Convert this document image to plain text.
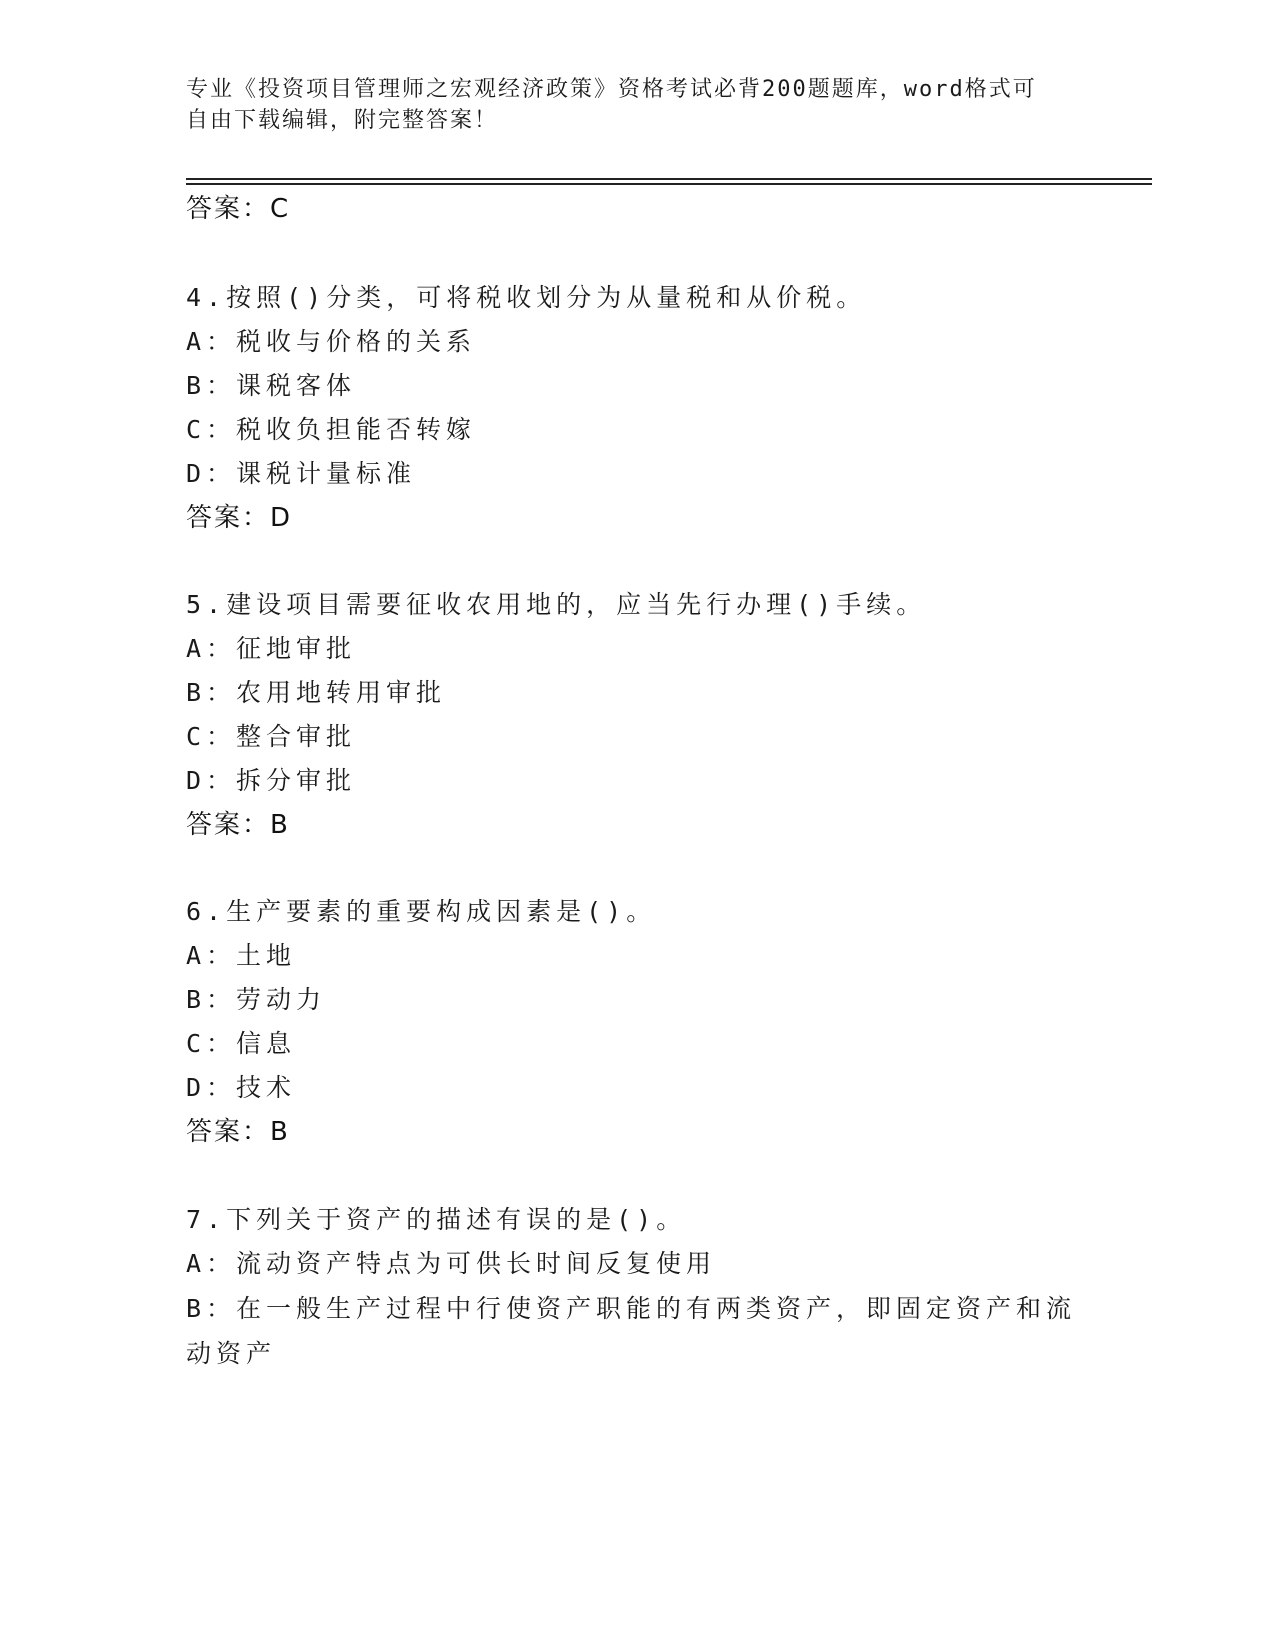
专业《投资项目管理师之宏观经济政策》资格考试必背200题题库，word格式可
自由下载编辑，附完整答案！
答案：C
4.按照()分类，可将税收划分为从量税和从价税。
A：税收与价格的关系
B：课税客体
C：税收负担能否转嫁
D：课税计量标准
答案：D
5.建设项目需要征收农用地的，应当先行办理()手续。
A：征地审批
B：农用地转用审批
C：整合审批
D：拆分审批
答案：B
6.生产要素的重要构成因素是()。
A：土地
B：劳动力
C：信息
D：技术
答案：B
7.下列关于资产的描述有误的是()。
A：流动资产特点为可供长时间反复使用
B：在一般生产过程中行使资产职能的有两类资产，即固定资产和流动资产
